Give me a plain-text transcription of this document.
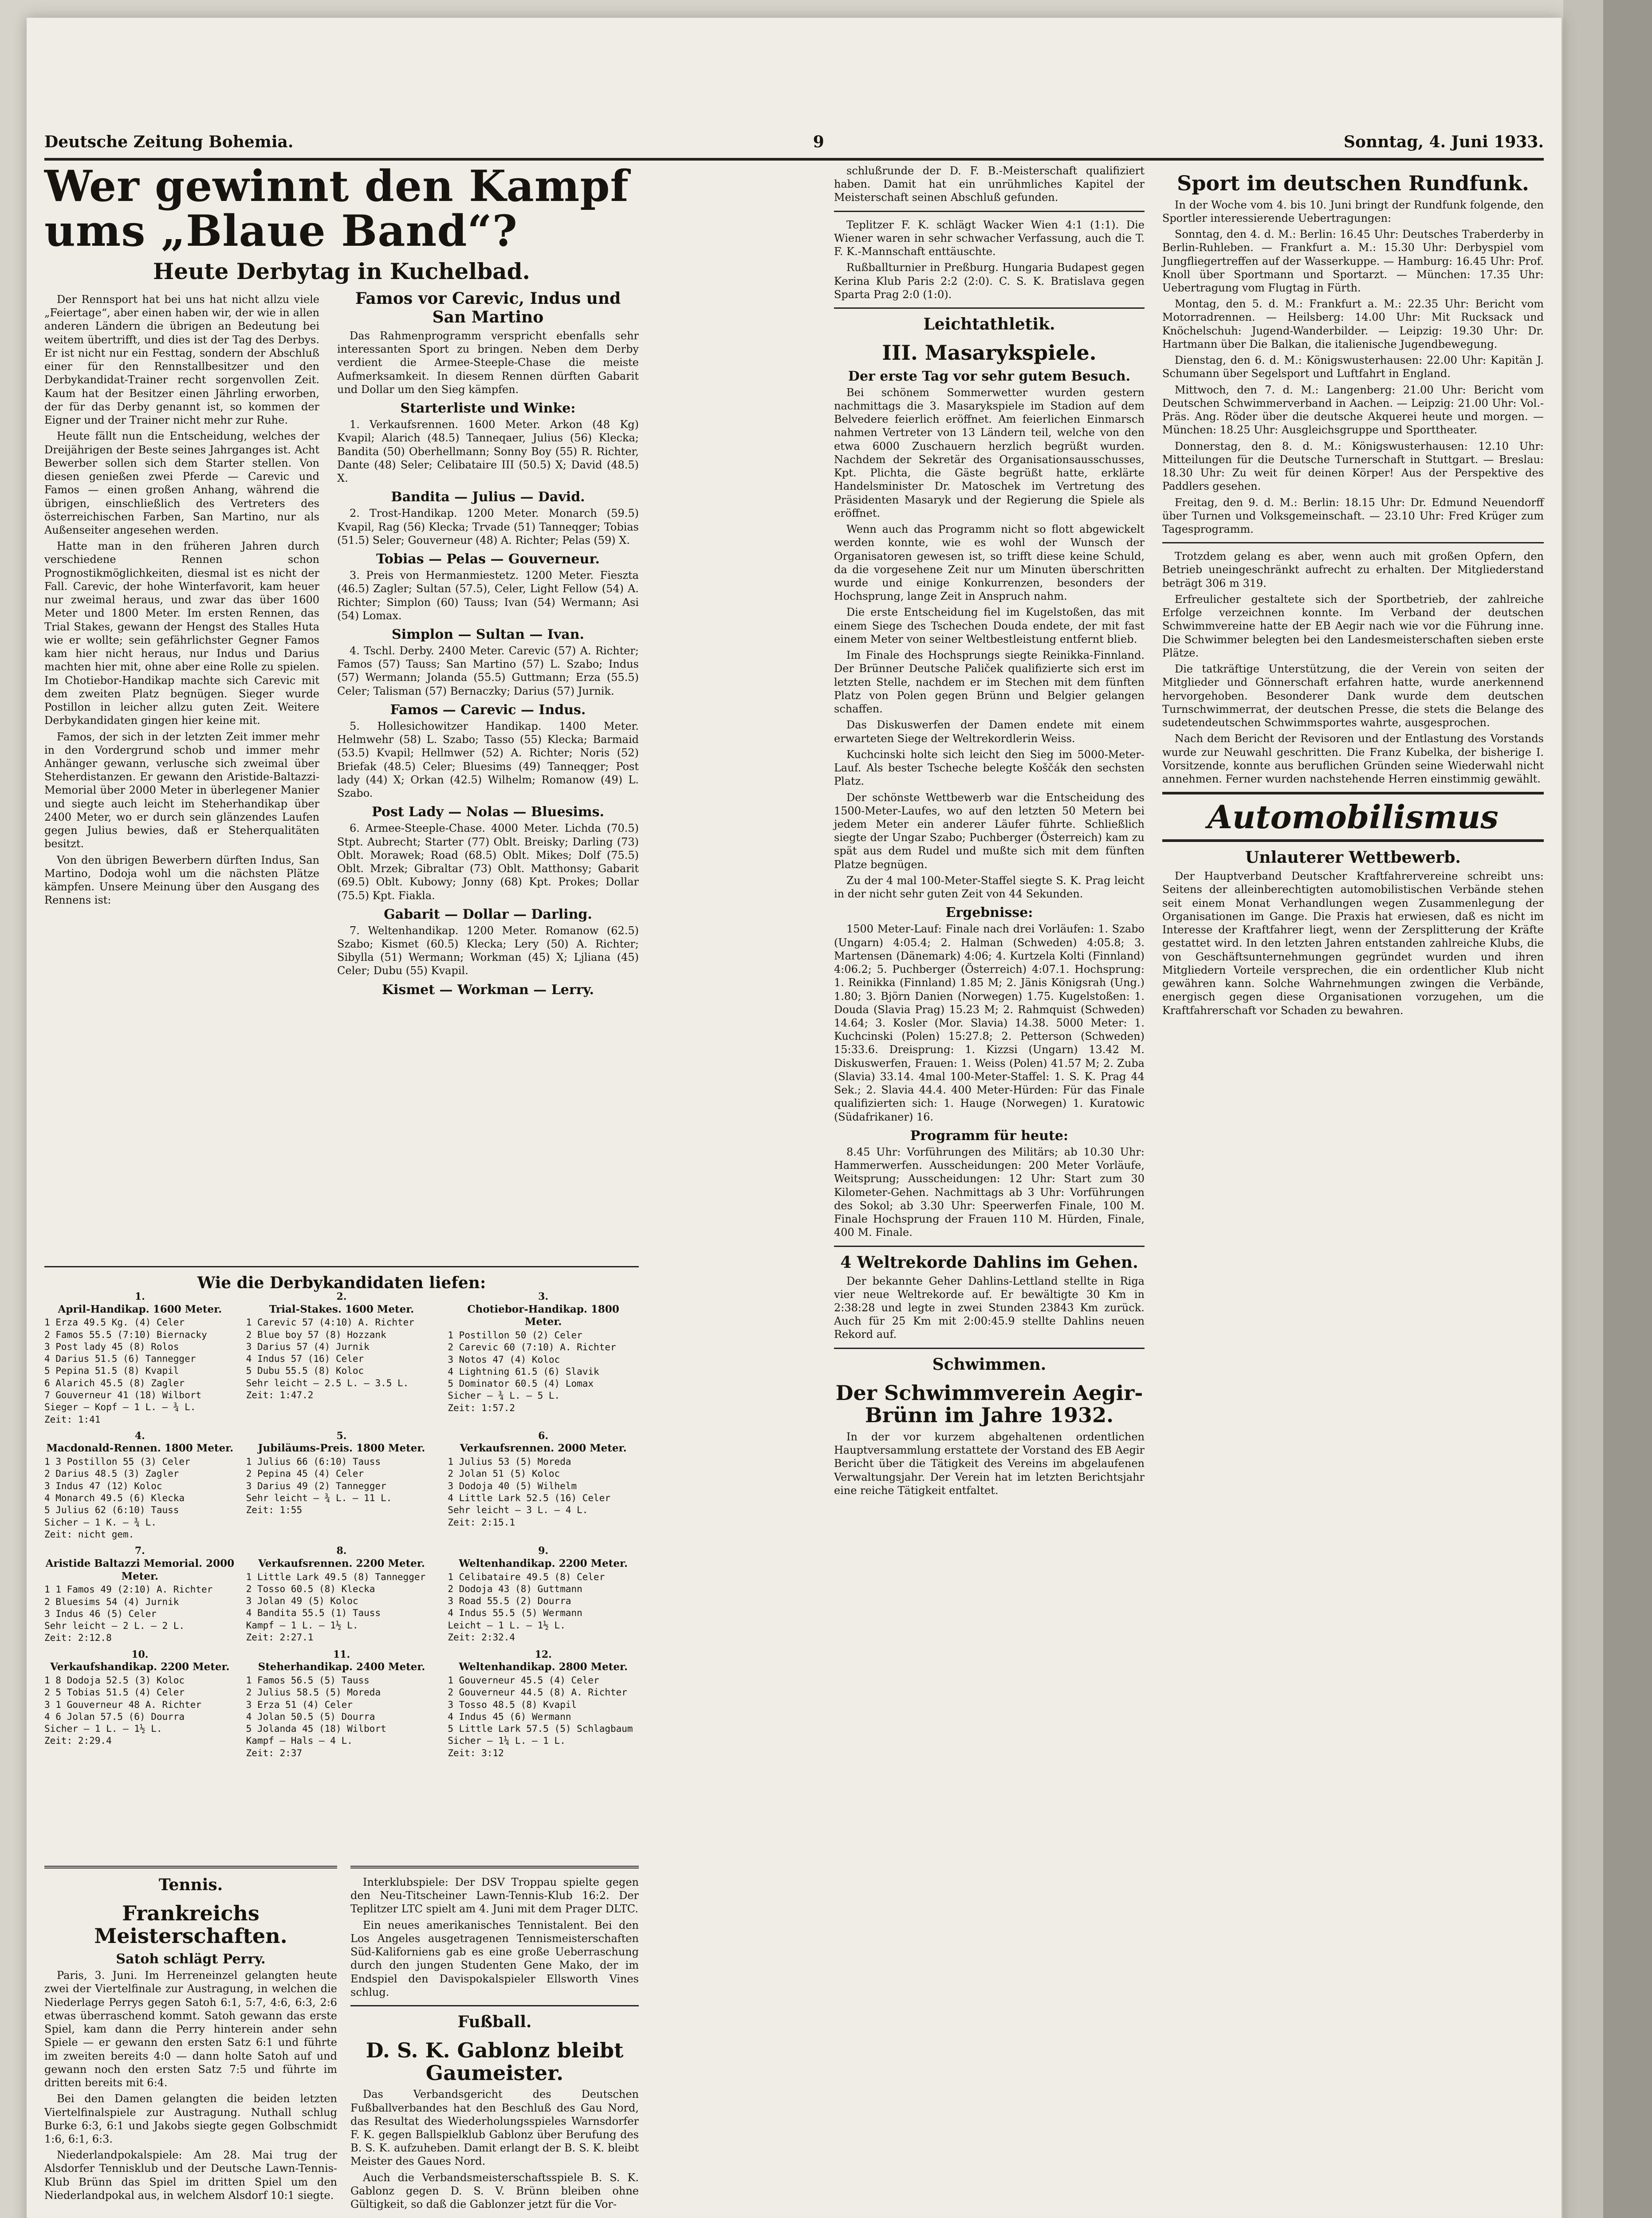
Deutsche Zeitung Bohemia.	9	Sonntag, 4. Juni 1933.
Wer gewinnt den Kampf ums „Blaue Band“?
Heute Derbytag in Kuchelbad.

Der Rennsport hat bei uns hat nicht allzu viele „Feiertage“, aber einen haben wir, der wie in allen anderen Ländern die übrigen an Bedeutung bei weitem übertrifft, und dies ist der Tag des Derbys. Er ist nicht nur ein Festtag, sondern der Abschluß einer für den Rennstallbesitzer und den Derbykandidat-Trainer recht sorgenvollen Zeit. Kaum hat der Besitzer einen Jährling erworben, der für das Derby genannt ist, so kommen der Eigner und der Trainer nicht mehr zur Ruhe.

Heute fällt nun die Entscheidung, welches der Dreijährigen der Beste seines Jahrganges ist. Acht Bewerber sollen sich dem Starter stellen. Von diesen genießen zwei Pferde — Carevic und Famos — einen großen Anhang, während die übrigen, einschließlich des Vertreters des österreichischen Farben, San Martino, nur als Außenseiter angesehen werden.

Hatte man in den früheren Jahren durch verschiedene Rennen schon Prognostikmöglichkeiten, diesmal ist es nicht der Fall. Carevic, der hohe Winterfavorit, kam heuer nur zweimal heraus, und zwar das über 1600 Meter und 1800 Meter. Im ersten Rennen, das Trial Stakes, gewann der Hengst des Stalles Huta wie er wollte; sein gefährlichster Gegner Famos kam hier nicht heraus, nur Indus und Darius machten hier mit, ohne aber eine Rolle zu spielen. Im Chotiebor-Handikap machte sich Carevic mit dem zweiten Platz begnügen. Sieger wurde Postillon in leicher allzu guten Zeit. Weitere Derbykandidaten gingen hier keine mit.

Famos, der sich in der letzten Zeit immer mehr in den Vordergrund schob und immer mehr Anhänger gewann, verlusche sich zweimal über Steherdistanzen. Er gewann den Aristide-Baltazzi-Memorial über 2000 Meter in überlegener Manier und siegte auch leicht im Steherhandikap über 2400 Meter, wo er durch sein glänzendes Laufen gegen Julius bewies, daß er Steherqualitäten besitzt.

Von den übrigen Bewerbern dürften Indus, San Martino, Dodoja wohl um die nächsten Plätze kämpfen. Unsere Meinung über den Ausgang des Rennens ist:

Famos vor Carevic, Indus und San Martino

Das Rahmenprogramm verspricht ebenfalls sehr interessanten Sport zu bringen. Neben dem Derby verdient die Armee-Steeple-Chase die meiste Aufmerksamkeit. In diesem Rennen dürften Gabarit und Dollar um den Sieg kämpfen.

Starterliste und Winke:

1. Verkaufsrennen. 1600 Meter. Arkon (48 Kg) Kvapil; Alarich (48.5) Tanneqaer, Julius (56) Klecka; Bandita (50) Oberhellmann; Sonny Boy (55) R. Richter, Dante (48) Seler; Celibataire III (50.5) X; David (48.5) X.

Bandita — Julius — David.

2. Trost-Handikap. 1200 Meter. Monarch (59.5) Kvapil, Rag (56) Klecka; Trvade (51) Tanneqger; Tobias (51.5) Seler; Gouverneur (48) A. Richter; Pelas (59) X.

Tobias — Pelas — Gouverneur.

3. Preis von Hermanmiestetz. 1200 Meter. Fieszta (46.5) Zagler; Sultan (57.5), Celer, Light Fellow (54) A. Richter; Simplon (60) Tauss; Ivan (54) Wermann; Asi (54) Lomax.

Simplon — Sultan — Ivan.

4. Tschl. Derby. 2400 Meter. Carevic (57) A. Richter; Famos (57) Tauss; San Martino (57) L. Szabo; Indus (57) Wermann; Jolanda (55.5) Guttmann; Erza (55.5) Celer; Talisman (57) Bernaczky; Darius (57) Jurnik.

Famos — Carevic — Indus.

5. Hollesichowitzer Handikap. 1400 Meter. Helmwehr (58) L. Szabo; Tasso (55) Klecka; Barmaid (53.5) Kvapil; Hellmwer (52) A. Richter; Noris (52) Briefak (48.5) Celer; Bluesims (49) Tanneqger; Post lady (44) X; Orkan (42.5) Wilhelm; Romanow (49) L. Szabo.

Post Lady — Nolas — Bluesims.

6. Armee-Steeple-Chase. 4000 Meter. Lichda (70.5) Stpt. Aubrecht; Starter (77) Oblt. Breisky; Darling (73) Oblt. Morawek; Road (68.5) Oblt. Mikes; Dolf (75.5) Oblt. Mrzek; Gibraltar (73) Oblt. Matthonsy; Gabarit (69.5) Oblt. Kubowy; Jonny (68) Kpt. Prokes; Dollar (75.5) Kpt. Fiakla.

Gabarit — Dollar — Darling.

7. Weltenhandikap. 1200 Meter. Romanow (62.5) Szabo; Kismet (60.5) Klecka; Lery (50) A. Richter; Sibylla (51) Wermann; Workman (45) X; Ljliana (45) Celer; Dubu (55) Kvapil.

Kismet — Workman — Lerry.
Wie die Derbykandidaten liefen:
1.
April-Handikap. 1600 Meter.
1 Erza 49.5 Kg. (4) Celer
2 Famos 55.5 (7:10) Biernacky
3 Post lady 45 (8) Rolos
4 Darius 51.5 (6) Tannegger
5 Pepina 51.5 (8) Kvapil
6 Alarich 45.5 (8) Zagler
7 Gouverneur 41 (18) Wilbort
Sieger — Kopf — 1 L. — ¾ L.
Zeit: 1:41
2.
Trial-Stakes. 1600 Meter.
1 Carevic 57 (4:10) A. Richter
2 Blue boy 57 (8) Hozzank
3 Darius 57 (4) Jurnik
4 Indus 57 (16) Celer
5 Dubu 55.5 (8) Koloc
Sehr leicht — 2.5 L. — 3.5 L.
Zeit: 1:47.2
3.
Chotiebor-Handikap. 1800 Meter.
1 Postillon 50 (2) Celer
2 Carevic 60 (7:10) A. Richter
3 Notos 47 (4) Koloc
4 Lightning 61.5 (6) Slavik
5 Dominator 60.5 (4) Lomax
Sicher — ¾ L. — 5 L.
Zeit: 1:57.2
4.
Macdonald-Rennen. 1800 Meter.
1 3 Postillon 55 (3) Celer
2 Darius 48.5 (3) Zagler
3 Indus 47 (12) Koloc
4 Monarch 49.5 (6) Klecka
5 Julius 62 (6:10) Tauss
Sicher — 1 K. — ¾ L.
Zeit: nicht gem.
5.
Jubiläums-Preis. 1800 Meter.
1 Julius 66 (6:10) Tauss
2 Pepina 45 (4) Celer
3 Darius 49 (2) Tannegger
Sehr leicht — ¾ L. — 11 L.
Zeit: 1:55
6.
Verkaufsrennen. 2000 Meter.
1 Julius 53 (5) Moreda
2 Jolan 51 (5) Koloc
3 Dodoja 40 (5) Wilhelm
4 Little Lark 52.5 (16) Celer
Sehr leicht — 3 L. — 4 L.
Zeit: 2:15.1
7.
Aristide Baltazzi Memorial. 2000 Meter.
1 1 Famos 49 (2:10) A. Richter
2 Bluesims 54 (4) Jurnik
3 Indus 46 (5) Celer
Sehr leicht — 2 L. — 2 L.
Zeit: 2:12.8
8.
Verkaufsrennen. 2200 Meter.
1 Little Lark 49.5 (8) Tannegger
2 Tosso 60.5 (8) Klecka
3 Jolan 49 (5) Koloc
4 Bandita 55.5 (1) Tauss
Kampf — 1 L. — 1½ L.
Zeit: 2:27.1
9.
Weltenhandikap. 2200 Meter.
1 Celibataire 49.5 (8) Celer
2 Dodoja 43 (8) Guttmann
3 Road 55.5 (2) Dourra
4 Indus 55.5 (5) Wermann
Leicht — 1 L. — 1½ L.
Zeit: 2:32.4
10.
Verkaufshandikap. 2200 Meter.
1 8 Dodoja 52.5 (3) Koloc
2 5 Tobias 51.5 (4) Celer
3 1 Gouverneur 48 A. Richter
4 6 Jolan 57.5 (6) Dourra
Sicher — 1 L. — 1½ L.
Zeit: 2:29.4
11.
Steherhandikap. 2400 Meter.
1 Famos 56.5 (5) Tauss
2 Julius 58.5 (5) Moreda
3 Erza 51 (4) Celer
4 Jolan 50.5 (5) Dourra
5 Jolanda 45 (18) Wilbort
Kampf — Hals — 4 L.
Zeit: 2:37
12.
Weltenhandikap. 2800 Meter.
1 Gouverneur 45.5 (4) Celer
2 Gouverneur 44.5 (8) A. Richter
3 Tosso 48.5 (8) Kvapil
4 Indus 45 (6) Wermann
5 Little Lark 57.5 (5) Schlagbaum
Sicher — 1¼ L. — 1 L.
Zeit: 3:12
Tennis.
Frankreichs Meisterschaften.
Satoh schlägt Perry.

Paris, 3. Juni. Im Herreneinzel gelangten heute zwei der Viertelfinale zur Austragung, in welchen die Niederlage Perrys gegen Satoh 6:1, 5:7, 4:6, 6:3, 2:6 etwas überraschend kommt. Satoh gewann das erste Spiel, kam dann die Perry hinterein ander sehn Spiele — er gewann den ersten Satz 6:1 und führte im zweiten bereits 4:0 — dann holte Satoh auf und gewann noch den ersten Satz 7:5 und führte im dritten bereits mit 6:4.

Bei den Damen gelangten die beiden letzten Viertelfinalspiele zur Austragung. Nuthall schlug Burke 6:3, 6:1 und Jakobs siegte gegen Golbschmidt 1:6, 6:1, 6:3.

Niederlandpokalspiele: Am 28. Mai trug der Alsdorfer Tennisklub und der Deutsche Lawn-Tennis-Klub Brünn das Spiel im dritten Spiel um den Niederlandpokal aus, in welchem Alsdorf 10:1 siegte.

Interklubspiele: Der DSV Troppau spielte gegen den Neu-Titscheiner Lawn-Tennis-Klub 16:2. Der Teplitzer LTC spielt am 4. Juni mit dem Prager DLTC.

Ein neues amerikanisches Tennistalent. Bei den Los Angeles ausgetragenen Tennismeisterschaften Süd-Kaliforniens gab es eine große Ueberraschung durch den jungen Studenten Gene Mako, der im Endspiel den Davispokalspieler Ellsworth Vines schlug.

Fußball.
D. S. K. Gablonz bleibt Gaumeister.

Das Verbandsgericht des Deutschen Fußballverbandes hat den Beschluß des Gau Nord, das Resultat des Wiederholungsspieles Warnsdorfer F. K. gegen Ballspielklub Gablonz über Berufung des B. S. K. aufzuheben. Damit erlangt der B. S. K. bleibt Meister des Gaues Nord.

Auch die Verbandsmeisterschaftsspiele B. S. K. Gablonz gegen D. S. V. Brünn bleiben ohne Gültigkeit, so daß die Gablonzer jetzt für die Vor-

schlußrunde der D. F. B.-Meisterschaft qualifiziert haben. Damit hat ein unrühmliches Kapitel der Meisterschaft seinen Abschluß gefunden.

Teplitzer F. K. schlägt Wacker Wien 4:1 (1:1). Die Wiener waren in sehr schwacher Verfassung, auch die T. F. K.-Mannschaft enttäuschte.

Rußballturnier in Preßburg. Hungaria Budapest gegen Kerina Klub Paris 2:2 (2:0). C. S. K. Bratislava gegen Sparta Prag 2:0 (1:0).

Leichtathletik.
III. Masarykspiele.
Der erste Tag vor sehr gutem Besuch.

Bei schönem Sommerwetter wurden gestern nachmittags die 3. Masarykspiele im Stadion auf dem Belvedere feierlich eröffnet. Am feierlichen Einmarsch nahmen Vertreter von 13 Ländern teil, welche von den etwa 6000 Zuschauern herzlich begrüßt wurden. Nachdem der Sekretär des Organisationsausschusses, Kpt. Plichta, die Gäste begrüßt hatte, erklärte Handelsminister Dr. Matoschek im Vertretung des Präsidenten Masaryk und der Regierung die Spiele als eröffnet.

Wenn auch das Programm nicht so flott abgewickelt werden konnte, wie es wohl der Wunsch der Organisatoren gewesen ist, so trifft diese keine Schuld, da die vorgesehene Zeit nur um Minuten überschritten wurde und einige Konkurrenzen, besonders der Hochsprung, lange Zeit in Anspruch nahm.

Die erste Entscheidung fiel im Kugelstoßen, das mit einem Siege des Tschechen Douda endete, der mit fast einem Meter von seiner Weltbestleistung entfernt blieb.

Im Finale des Hochsprungs siegte Reinikka-Finnland. Der Brünner Deutsche Paliček qualifizierte sich erst im letzten Stelle, nachdem er im Stechen mit dem fünften Platz von Polen gegen Brünn und Belgier gelangen schaffen.

Das Diskuswerfen der Damen endete mit einem erwarteten Siege der Weltrekordlerin Weiss.

Kuchcinski holte sich leicht den Sieg im 5000-Meter-Lauf. Als bester Tscheche belegte Koščák den sechsten Platz.

Der schönste Wettbewerb war die Entscheidung des 1500-Meter-Laufes, wo auf den letzten 50 Metern bei jedem Meter ein anderer Läufer führte. Schließlich siegte der Ungar Szabo; Puchberger (Österreich) kam zu spät aus dem Rudel und mußte sich mit dem fünften Platze begnügen.

Zu der 4 mal 100-Meter-Staffel siegte S. K. Prag leicht in der nicht sehr guten Zeit von 44 Sekunden.

Ergebnisse:

1500 Meter-Lauf: Finale nach drei Vorläufen: 1. Szabo (Ungarn) 4:05.4; 2. Halman (Schweden) 4:05.8; 3. Martensen (Dänemark) 4:06; 4. Kurtzela Kolti (Finnland) 4:06.2; 5. Puchberger (Österreich) 4:07.1. Hochsprung: 1. Reinikka (Finnland) 1.85 M; 2. Jänis Königsrah (Ung.) 1.80; 3. Björn Danien (Norwegen) 1.75. Kugelstoßen: 1. Douda (Slavia Prag) 15.23 M; 2. Rahmquist (Schweden) 14.64; 3. Kosler (Mor. Slavia) 14.38. 5000 Meter: 1. Kuchcinski (Polen) 15:27.8; 2. Petterson (Schweden) 15:33.6. Dreisprung: 1. Kizzsi (Ungarn) 13.42 M. Diskuswerfen, Frauen: 1. Weiss (Polen) 41.57 M; 2. Zuba (Slavia) 33.14. 4mal 100-Meter-Staffel: 1. S. K. Prag 44 Sek.; 2. Slavia 44.4. 400 Meter-Hürden: Für das Finale qualifizierten sich: 1. Hauge (Norwegen) 1. Kuratowic (Südafrikaner) 16.

Programm für heute:

8.45 Uhr: Vorführungen des Militärs; ab 10.30 Uhr: Hammerwerfen. Ausscheidungen: 200 Meter Vorläufe, Weitsprung; Ausscheidungen: 12 Uhr: Start zum 30 Kilometer-Gehen. Nachmittags ab 3 Uhr: Vorführungen des Sokol; ab 3.30 Uhr: Speerwerfen Finale, 100 M. Finale Hochsprung der Frauen 110 M. Hürden, Finale, 400 M. Finale.

4 Weltrekorde Dahlins im Gehen.

Der bekannte Geher Dahlins-Lettland stellte in Riga vier neue Weltrekorde auf. Er bewältigte 30 Km in 2:38:28 und legte in zwei Stunden 23843 Km zurück. Auch für 25 Km mit 2:00:45.9 stellte Dahlins neuen Rekord auf.

Schwimmen.
Der Schwimmverein Aegir-Brünn im Jahre 1932.

In der vor kurzem abgehaltenen ordentlichen Hauptversammlung erstattete der Vorstand des EB Aegir Bericht über die Tätigkeit des Vereins im abgelaufenen Verwaltungsjahr. Der Verein hat im letzten Berichtsjahr eine reiche Tätigkeit entfaltet.

Sport im deutschen Rundfunk.

In der Woche vom 4. bis 10. Juni bringt der Rundfunk folgende, den Sportler interessierende Uebertragungen:

Sonntag, den 4. d. M.: Berlin: 16.45 Uhr: Deutsches Traberderby in Berlin-Ruhleben. — Frankfurt a. M.: 15.30 Uhr: Derbyspiel vom Jungfliegertreffen auf der Wasserkuppe. — Hamburg: 16.45 Uhr: Prof. Knoll über Sportmann und Sportarzt. — München: 17.35 Uhr: Uebertragung vom Flugtag in Fürth.

Montag, den 5. d. M.: Frankfurt a. M.: 22.35 Uhr: Bericht vom Motorradrennen. — Heilsberg: 14.00 Uhr: Mit Rucksack und Knöchelschuh: Jugend-Wanderbilder. — Leipzig: 19.30 Uhr: Dr. Hartmann über Die Balkan, die italienische Jugendbewegung.

Dienstag, den 6. d. M.: Königswusterhausen: 22.00 Uhr: Kapitän J. Schumann über Segelsport und Luftfahrt in England.

Mittwoch, den 7. d. M.: Langenberg: 21.00 Uhr: Bericht vom Deutschen Schwimmerverband in Aachen. — Leipzig: 21.00 Uhr: Vol.-Präs. Ang. Röder über die deutsche Akquerei heute und morgen. — München: 18.25 Uhr: Ausgleichsgruppe und Sporttheater.

Donnerstag, den 8. d. M.: Königswusterhausen: 12.10 Uhr: Mitteilungen für die Deutsche Turnerschaft in Stuttgart. — Breslau: 18.30 Uhr: Zu weit für deinen Körper! Aus der Perspektive des Paddlers gesehen.

Freitag, den 9. d. M.: Berlin: 18.15 Uhr: Dr. Edmund Neuendorff über Turnen und Volksgemeinschaft. — 23.10 Uhr: Fred Krüger zum Tagesprogramm.

Trotzdem gelang es aber, wenn auch mit großen Opfern, den Betrieb uneingeschränkt aufrecht zu erhalten. Der Mitgliederstand beträgt 306 m 319.

Erfreulicher gestaltete sich der Sportbetrieb, der zahlreiche Erfolge verzeichnen konnte. Im Verband der deutschen Schwimmvereine hatte der EB Aegir nach wie vor die Führung inne. Die Schwimmer belegten bei den Landesmeisterschaften sieben erste Plätze.

Die tatkräftige Unterstützung, die der Verein von seiten der Mitglieder und Gönnerschaft erfahren hatte, wurde anerkennend hervorgehoben. Besonderer Dank wurde dem deutschen Turnschwimmerrat, der deutschen Presse, die stets die Belange des sudetendeutschen Schwimmsportes wahrte, ausgesprochen.

Nach dem Bericht der Revisoren und der Entlastung des Vorstands wurde zur Neuwahl geschritten. Die Franz Kubelka, der bisherige I. Vorsitzende, konnte aus beruflichen Gründen seine Wiederwahl nicht annehmen. Ferner wurden nachstehende Herren einstimmig gewählt.

Automobilismus
Unlauterer Wettbewerb.

Der Hauptverband Deutscher Kraftfahrervereine schreibt uns: Seitens der alleinberechtigten automobilistischen Verbände stehen seit einem Monat Verhandlungen wegen Zusammenlegung der Organisationen im Gange. Die Praxis hat erwiesen, daß es nicht im Interesse der Kraftfahrer liegt, wenn der Zersplitterung der Kräfte gestattet wird. In den letzten Jahren entstanden zahlreiche Klubs, die von Geschäftsunternehmungen gegründet wurden und ihren Mitgliedern Vorteile versprechen, die ein ordentlicher Klub nicht gewähren kann. Solche Wahrnehmungen zwingen die Verbände, energisch gegen diese Organisationen vorzugehen, um die Kraftfahrerschaft vor Schaden zu bewahren.
